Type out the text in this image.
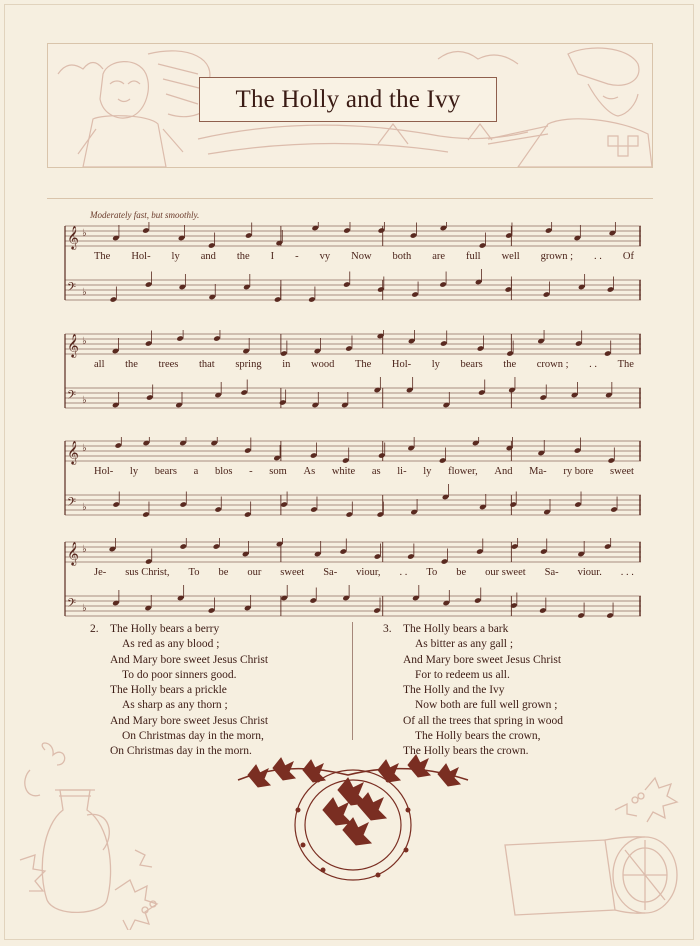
The Holly and the Ivy
Moderately fast, but smoothly.
𝄞 ♭
𝄢 ♭
The Hol- ly and the I - vy Now both are full well grown ; . . Of
𝄞 ♭
𝄢 ♭
all the trees that spring in wood The Hol- ly bears the crown ; . . The
𝄞 ♭
𝄢 ♭
Hol- ly bears a blos - som As white as li- ly flower, And Ma- ry bore sweet
𝄞 ♭
𝄢 ♭
Je- sus Christ, To be our sweet Sa- viour, . . To be our sweet Sa- viour. . . .
2. The Holly bears a berry
As red as any blood ;
And Mary bore sweet Jesus Christ
To do poor sinners good.
The Holly bears a prickle
As sharp as any thorn ;
And Mary bore sweet Jesus Christ
On Christmas day in the morn,
On Christmas day in the morn.
3. The Holly bears a bark
As bitter as any gall ;
And Mary bore sweet Jesus Christ
For to redeem us all.
The Holly and the Ivy
Now both are full well grown ;
Of all the trees that spring in wood
The Holly bears the crown,
The Holly bears the crown.
